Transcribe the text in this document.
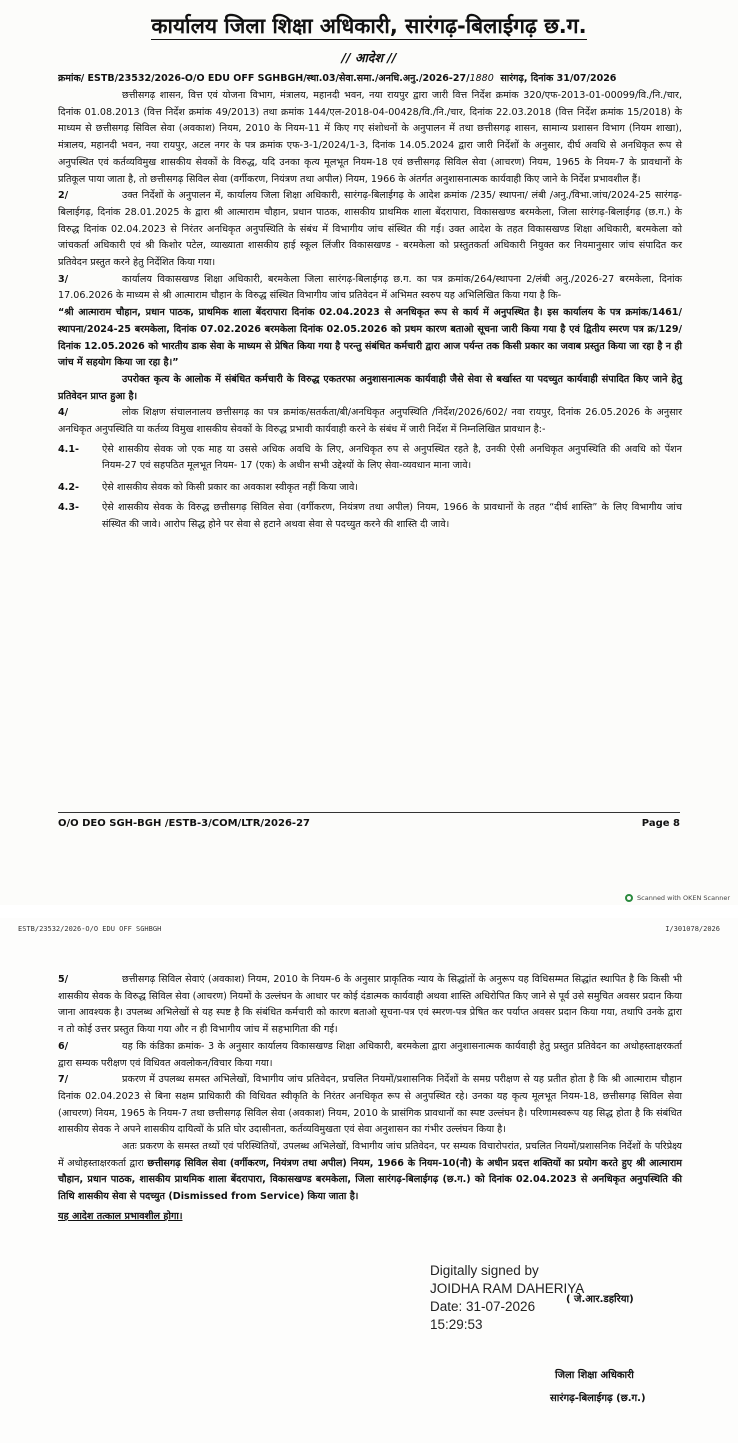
कार्यालय जिला शिक्षा अधिकारी, सारंगढ़-बिलाईगढ़ छ.ग.
// आदेश //
क्रमांक/ ESTB/23532/2026-O/O EDU OFF SGHBGH/स्था.03/सेवा.समा./अनधि.अनु./2026-27/1880 सारंगढ़, दिनांक 31/07/2026

छत्तीसगढ़ शासन, वित्त एवं योजना विभाग, मंत्रालय, महानदी भवन, नया रायपुर द्वारा जारी वित्त निर्देश क्रमांक 320/एफ-2013-01-00099/वि./नि./चार, दिनांक 01.08.2013 (वित्त निर्देश क्रमांक 49/2013) तथा क्रमांक 144/एल-2018-04-00428/वि./नि./चार, दिनांक 22.03.2018 (वित्त निर्देश क्रमांक 15/2018) के माध्यम से छत्तीसगढ़ सिविल सेवा (अवकाश) नियम, 2010 के नियम-11 में किए गए संशोधनों के अनुपालन में तथा छत्तीसगढ़ शासन, सामान्य प्रशासन विभाग (नियम शाखा), मंत्रालय, महानदी भवन, नया रायपुर, अटल नगर के पत्र क्रमांक एफ-3-1/2024/1-3, दिनांक 14.05.2024 द्वारा जारी निर्देशों के अनुसार, दीर्घ अवधि से अनधिकृत रूप से अनुपस्थित एवं कर्तव्यविमुख शासकीय सेवकों के विरुद्ध, यदि उनका कृत्य मूलभूत नियम-18 एवं छत्तीसगढ़ सिविल सेवा (आचरण) नियम, 1965 के नियम-7 के प्रावधानों के प्रतिकूल पाया जाता है, तो छत्तीसगढ़ सिविल सेवा (वर्गीकरण, नियंत्रण तथा अपील) नियम, 1966 के अंतर्गत अनुशासनात्मक कार्यवाही किए जाने के निर्देश प्रभावशील हैं।

2/	उक्त निर्देशों के अनुपालन में, कार्यालय जिला शिक्षा अधिकारी, सारंगढ़-बिलाईगढ़ के आदेश क्रमांक /235/ स्थापना/ लंबी /अनु./विभा.जांच/2024-25 सारंगढ़-बिलाईगढ़, दिनांक 28.01.2025 के द्वारा श्री आत्माराम चौहान, प्रधान पाठक, शासकीय प्राथमिक शाला बेंदरापारा, विकासखण्ड बरमकेला, जिला सारंगढ़-बिलाईगढ़ (छ.ग.) के विरुद्ध दिनांक 02.04.2023 से निरंतर अनधिकृत अनुपस्थिति के संबंध में विभागीय जांच संस्थित की गई। उक्त आदेश के तहत विकासखण्ड शिक्षा अधिकारी, बरमकेला को जांचकर्ता अधिकारी एवं श्री किशोर पटेल, व्याख्याता शासकीय हाई स्कूल लिंजीर विकासखण्ड - बरमकेला को प्रस्तुतकर्ता अधिकारी नियुक्त कर नियमानुसार जांच संपादित कर प्रतिवेदन प्रस्तुत करने हेतु निर्देशित किया गया।

3/	कार्यालय विकासखण्ड शिक्षा अधिकारी, बरमकेला जिला सारंगढ़-बिलाईगढ़ छ.ग. का पत्र क्रमांक/264/स्थापना 2/लंबी अनु./2026-27 बरमकेला, दिनांक 17.06.2026 के माध्यम से श्री आत्माराम चौहान के विरुद्ध संस्थित विभागीय जांच प्रतिवेदन में अभिमत स्वरुप यह अभिलिखित किया गया है कि-

“श्री आत्माराम चौहान, प्रधान पाठक, प्राथमिक शाला बेंदरापारा दिनांक 02.04.2023 से अनधिकृत रूप से कार्य में अनुपस्थित है। इस कार्यालय के पत्र क्रमांक/1461/स्थापना/2024-25 बरमकेला, दिनांक 07.02.2026 बरमकेला दिनांक 02.05.2026 को प्रथम कारण बताओ सूचना जारी किया गया है एवं द्वितीय स्मरण पत्र क्र/129/दिनांक 12.05.2026 को भारतीय डाक सेवा के माध्यम से प्रेषित किया गया है परन्तु संबंधित कर्मचारी द्वारा आज पर्यन्त तक किसी प्रकार का जवाब प्रस्तुत किया जा रहा है न ही जांच में सहयोग किया जा रहा है।”

उपरोक्त कृत्य के आलोक में संबंधित कर्मचारी के विरुद्ध एकतरफा अनुशासनात्मक कार्यवाही जैसे सेवा से बर्खास्त या पदच्युत कार्यवाही संपादित किए जाने हेतु प्रतिवेदन प्राप्त हुआ है।

4/	लोक शिक्षण संचालनालय छत्तीसगढ़ का पत्र क्रमांक/सतर्कता/बी/अनधिकृत अनुपस्थिति /निर्देश/2026/602/ नवा रायपुर, दिनांक 26.05.2026 के अनुसार अनधिकृत अनुपस्थिति या कर्तव्य विमुख शासकीय सेवकों के विरुद्ध प्रभावी कार्यवाही करने के संबंध में जारी निर्देश में निम्नलिखित प्रावधान है:-

4.1- ऐसे शासकीय सेवक जो एक माह या उससे अधिक अवधि के लिए, अनधिकृत रुप से अनुपस्थित रहते है, उनकी ऐसी अनधिकृत अनुपस्थिति की अवधि को पेंशन नियम-27 एवं सहपठित मूलभूत नियम- 17 (एक) के अधीन सभी उद्देश्यों के लिए सेवा-व्यवधान माना जावे।

4.2- ऐसे शासकीय सेवक को किसी प्रकार का अवकाश स्वीकृत नहीं किया जावे।

4.3- ऐसे शासकीय सेवक के विरुद्ध छत्तीसगढ़ सिविल सेवा (वर्गीकरण, नियंत्रण तथा अपील) नियम, 1966 के प्रावधानों के तहत “दीर्घ शास्ति” के लिए विभागीय जांच संस्थित की जावे। आरोप सिद्ध होने पर सेवा से हटाने अथवा सेवा से पदच्युत करने की शास्ति दी जावे।

O/O DEO SGH-BGH /ESTB-3/COM/LTR/2026-27	Page 8
Scanned with OKEN Scanner
ESTB/23532/2026-O/O EDU OFF SGHBGH	I/301078/2026

5/	छत्तीसगढ़ सिविल सेवाएं (अवकाश) नियम, 2010 के नियम-6 के अनुसार प्राकृतिक न्याय के सिद्धांतों के अनुरूप यह विधिसम्मत सिद्धांत स्थापित है कि किसी भी शासकीय सेवक के विरुद्ध सिविल सेवा (आचरण) नियमों के उल्लंघन के आधार पर कोई दंडात्मक कार्यवाही अथवा शास्ति अधिरोपित किए जाने से पूर्व उसे समुचित अवसर प्रदान किया जाना आवश्यक है। उपलब्ध अभिलेखों से यह स्पष्ट है कि संबंधित कर्मचारी को कारण बताओ सूचना-पत्र एवं स्मरण-पत्र प्रेषित कर पर्याप्त अवसर प्रदान किया गया, तथापि उनके द्वारा न तो कोई उत्तर प्रस्तुत किया गया और न ही विभागीय जांच में सहभागिता की गई।

6/	यह कि कंडिका क्रमांक- 3 के अनुसार कार्यालय विकासखण्ड शिक्षा अधिकारी, बरमकेला द्वारा अनुशासनात्मक कार्यवाही हेतु प्रस्तुत प्रतिवेदन का अधोहस्ताक्षरकर्ता द्वारा सम्यक परीक्षण एवं विधिवत अवलोकन/विचार किया गया।

7/	प्रकरण में उपलब्ध समस्त अभिलेखों, विभागीय जांच प्रतिवेदन, प्रचलित नियमों/प्रशासनिक निर्देशों के समग्र परीक्षण से यह प्रतीत होता है कि श्री आत्माराम चौहान दिनांक 02.04.2023 से बिना सक्षम प्राधिकारी की विधिवत स्वीकृति के निरंतर अनधिकृत रूप से अनुपस्थित रहे। उनका यह कृत्य मूलभूत नियम-18, छत्तीसगढ़ सिविल सेवा (आचरण) नियम, 1965 के नियम-7 तथा छत्तीसगढ़ सिविल सेवा (अवकाश) नियम, 2010 के प्रासंगिक प्रावधानों का स्पष्ट उल्लंघन है। परिणामस्वरूप यह सिद्ध होता है कि संबंधित शासकीय सेवक ने अपने शासकीय दायित्वों के प्रति घोर उदासीनता, कर्तव्यविमुखता एवं सेवा अनुशासन का गंभीर उल्लंघन किया है।

अतः प्रकरण के समस्त तथ्यों एवं परिस्थितियों, उपलब्ध अभिलेखों, विभागीय जांच प्रतिवेदन, पर सम्यक विचारोपरांत, प्रचलित नियमों/प्रशासनिक निर्देशों के परिप्रेक्ष्य में अधोहस्ताक्षरकर्ता द्वारा छत्तीसगढ़ सिविल सेवा (वर्गीकरण, नियंत्रण तथा अपील) नियम, 1966 के नियम-10(नौ) के अधीन प्रदत्त शक्तियों का प्रयोग करते हुए श्री आत्माराम चौहान, प्रधान पाठक, शासकीय प्राथमिक शाला बेंदरापारा, विकासखण्ड बरमकेला, जिला सारंगढ़-बिलाईगढ़ (छ.ग.) को दिनांक 02.04.2023 से अनधिकृत अनुपस्थिति की तिथि शासकीय सेवा से पदच्युत (Dismissed from Service) किया जाता है।

यह आदेश तत्काल प्रभावशील होगा।

Digitally signed by
JOIDHA RAM DAHERIYA
Date: 31-07-2026
15:29:53
( जे.आर.डहरिया)
जिला शिक्षा अधिकारी
सारंगढ़-बिलाईगढ़ (छ.ग.)
